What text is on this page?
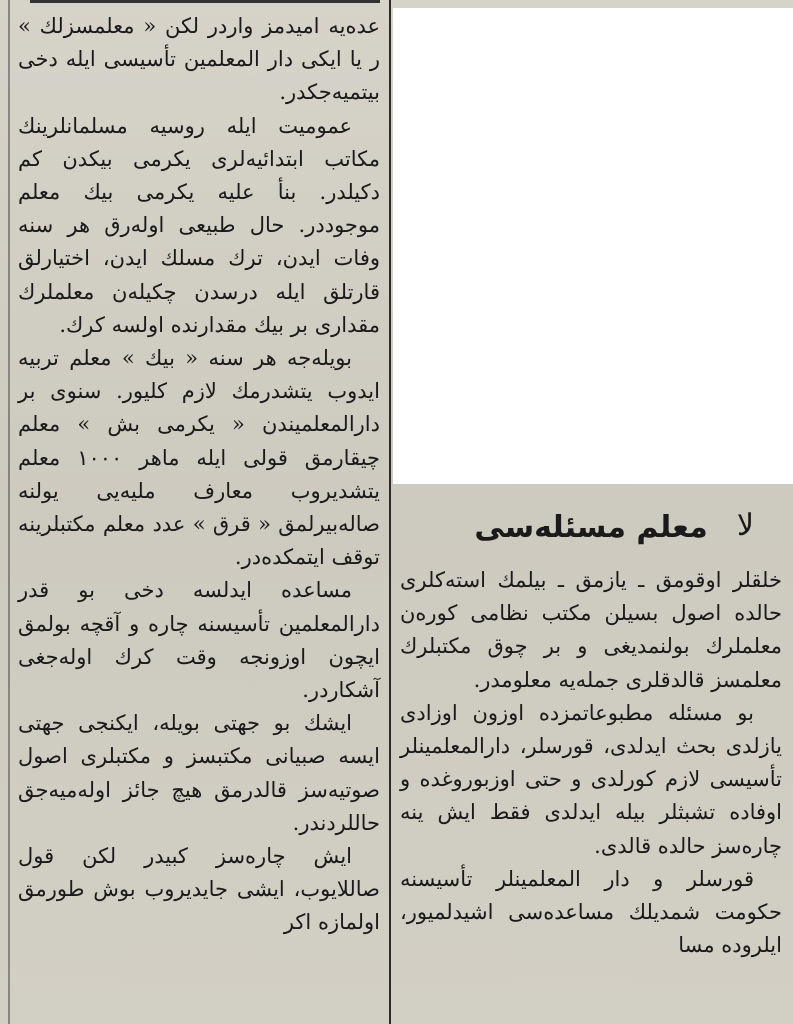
عدەیه امیدمز واردر لکن « معلمسزلك » ر یا ایکی دار المعلمین تأسیسی ایله دخی بیتمیەجکدر.

عمومیت ایله روسیه مسلمانلرینك مکاتب ابتدائیەلری یکرمی بیکدن کم دکیلدر. بنأ علیه یکرمی بیك معلم موجوددر. حال طبیعی اولەرق هر سنه وفات ایدن، ترك مسلك ایدن، اختیارلق قارتلق ایله درسدن چکیلەن معلملرك مقداری بر بیك مقدارنده اولسه کرك.

بویلەجه هر سنه « بیك » معلم تربیه ایدوب یتشدرمك لازم کلیور. سنوی بر دارالمعلمیندن « یکرمی بش » معلم چیقارمق قولی ایله ماهر ۱۰۰۰ معلم یتشدیروب معارف ملیەیی یولنه صالەبیرلمق « قرق » عدد معلم مکتبلرینه توقف ایتمکدەدر.

مساعده ایدلسه دخی بو قدر دارالمعلمین تأسیسنه چاره و آقچه بولمق ایچون اوزونجه وقت کرك اولەجغی آشکاردر.

ایشك بو جهتی بویله، ایکنجی جهتی ایسه صبیانی مکتبسز و مکتبلری اصول صوتیەسز قالدرمق هیچ جائز اولەمیەجق حاللردندر.

ایش چارەسز کبیدر لکن قول صاللایوب، ایشی جایدیروب بوش طورمق اولمازه اکر

لا
معلم مسئلەسی

خلقلر اوقومق ـ یازمق ـ بیلمك استەکلری حالده اصول بسیلن مکتب نظامی کورەن معلملرك بولنمدیغی و بر چوق مکتبلرك معلمسز قالدقلری جملەیه معلومدر.

بو مسئله مطبوعاتمزده اوزون اوزادی یازلدی بحث ایدلدی، قورسلر، دارالمعلمینلر تأسیسی لازم کورلدی و حتی اوزبوروغده و اوفاده تشبثلر بیله ایدلدی فقط ایش ینه چارەسز حالده قالدی.

قورسلر و دار المعلمینلر تأسیسنه حکومت شمدیلك مساعدەسی اشیدلمیور، ایلروده مسا
